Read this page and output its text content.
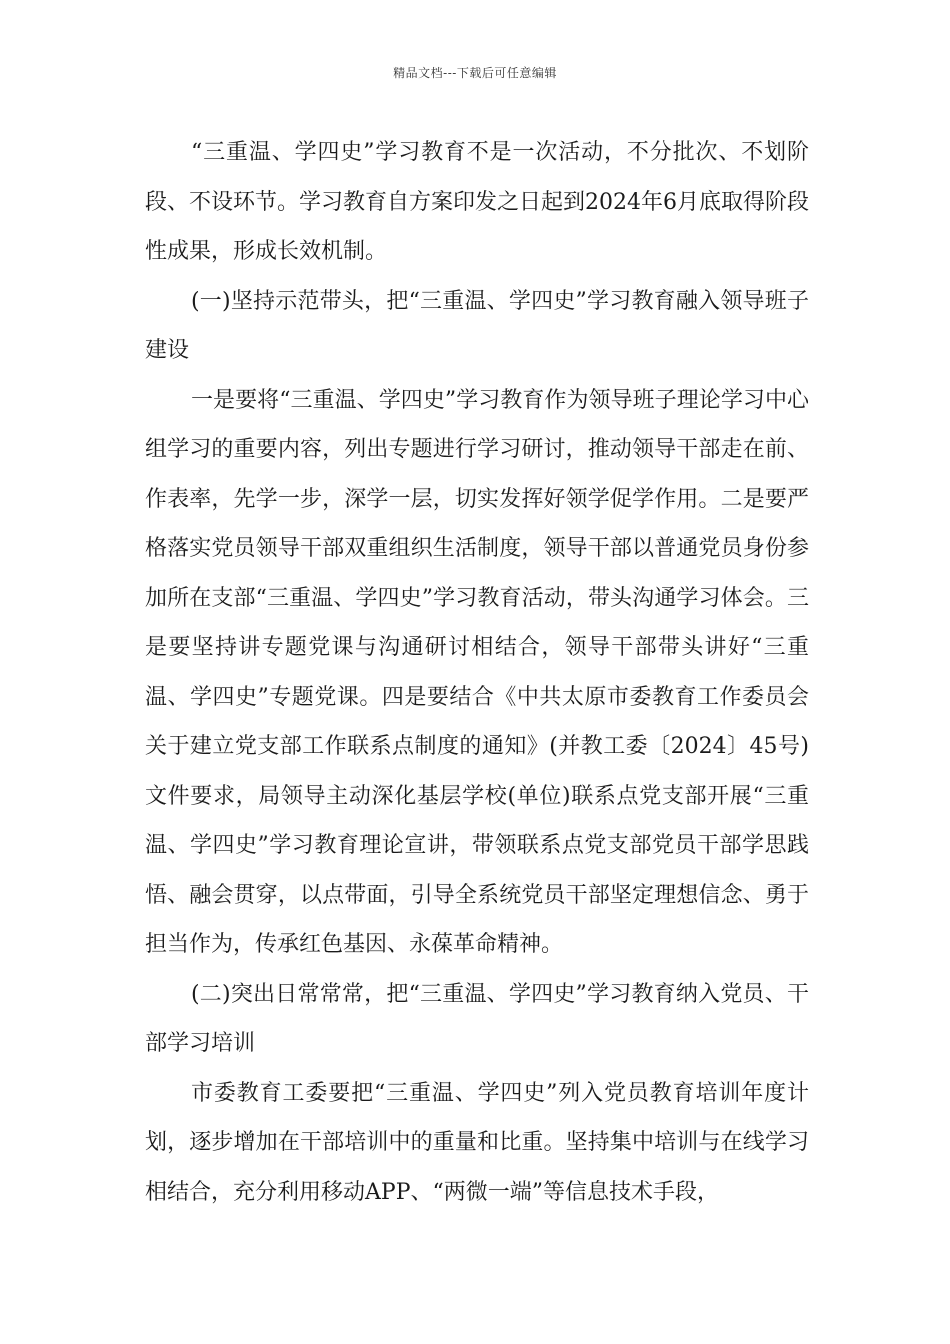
精品文档---下载后可任意编辑

“三重温、学四史”学习教育不是一次活动，不分批次、不划阶段、不设环节。学习教育自方案印发之日起到2024年6月底取得阶段性成果，形成长效机制。

(一)坚持示范带头，把“三重温、学四史”学习教育融入领导班子建设

一是要将“三重温、学四史”学习教育作为领导班子理论学习中心组学习的重要内容，列出专题进行学习研讨，推动领导干部走在前、作表率，先学一步，深学一层，切实发挥好领学促学作用。二是要严格落实党员领导干部双重组织生活制度，领导干部以普通党员身份参加所在支部“三重温、学四史”学习教育活动，带头沟通学习体会。三是要坚持讲专题党课与沟通研讨相结合，领导干部带头讲好“三重温、学四史”专题党课。四是要结合《中共太原市委教育工作委员会关于建立党支部工作联系点制度的通知》(并教工委〔2024〕45号)文件要求，局领导主动深化基层学校(单位)联系点党支部开展“三重温、学四史”学习教育理论宣讲，带领联系点党支部党员干部学思践悟、融会贯穿，以点带面，引导全系统党员干部坚定理想信念、勇于担当作为，传承红色基因、永葆革命精神。

(二)突出日常常常，把“三重温、学四史”学习教育纳入党员、干部学习培训

市委教育工委要把“三重温、学四史”列入党员教育培训年度计划，逐步增加在干部培训中的重量和比重。坚持集中培训与在线学习相结合，充分利用移动APP、“两微一端”等信息技术手段，
